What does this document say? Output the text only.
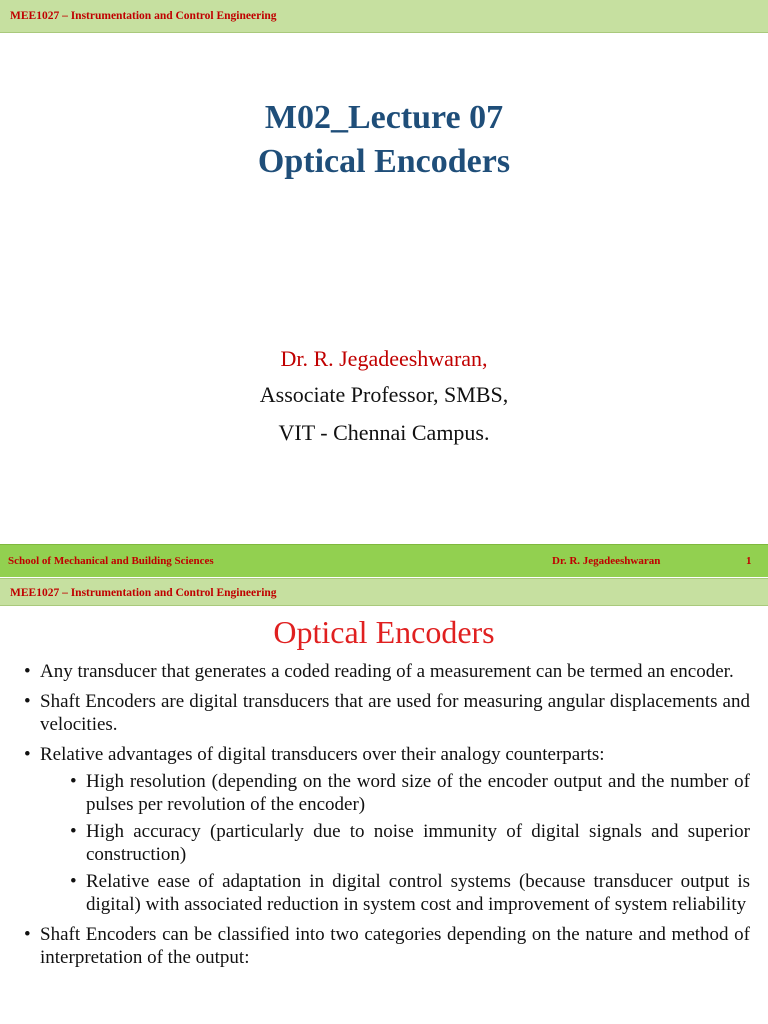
MEE1027 – Instrumentation and Control Engineering
M02_Lecture 07
Optical Encoders
Dr. R. Jegadeeshwaran,
Associate Professor, SMBS,
VIT - Chennai Campus.
School of Mechanical and Building Sciences	Dr. R. Jegadeeshwaran	1
MEE1027 – Instrumentation and Control Engineering
Optical Encoders
• Any transducer that generates a coded reading of a measurement can be termed an encoder.
• Shaft Encoders are digital transducers that are used for measuring angular displacements and velocities.
• Relative advantages of digital transducers over their analogy counterparts:
• High resolution (depending on the word size of the encoder output and the number of pulses per revolution of the encoder)
• High accuracy (particularly due to noise immunity of digital signals and superior construction)
• Relative ease of adaptation in digital control systems (because transducer output is digital) with associated reduction in system cost and improvement of system reliability
• Shaft Encoders can be classified into two categories depending on the nature and method of interpretation of the output:
